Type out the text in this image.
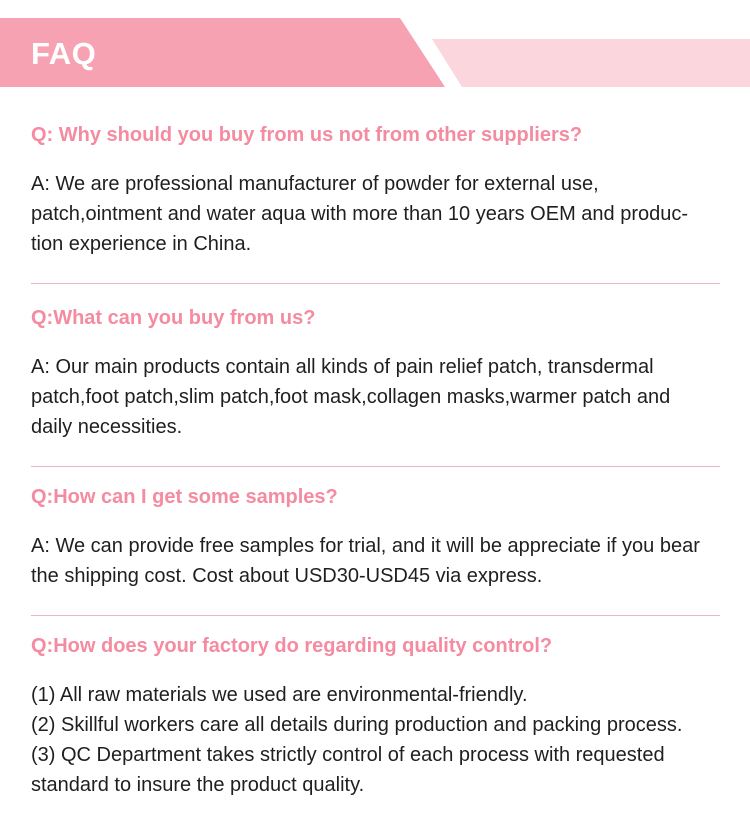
FAQ
Q: Why should you buy from us not from other suppliers?
A: We are professional manufacturer of powder for external use,
patch,ointment and water aqua with more than 10 years OEM and produc-
tion experience in China.
Q:What can you buy from us?
A: Our main products contain all kinds of pain relief patch, transdermal
patch,foot patch,slim patch,foot mask,collagen masks,warmer patch and
daily necessities.
Q:How can I get some samples?
A: We can provide free samples for trial, and it will be appreciate if you bear
the shipping cost. Cost about USD30-USD45 via express.
Q:How does your factory do regarding quality control?
(1) All raw materials we used are environmental-friendly.
(2) Skillful workers care all details during production and packing process.
(3) QC Department takes strictly control of each process with requested
standard to insure the product quality.
